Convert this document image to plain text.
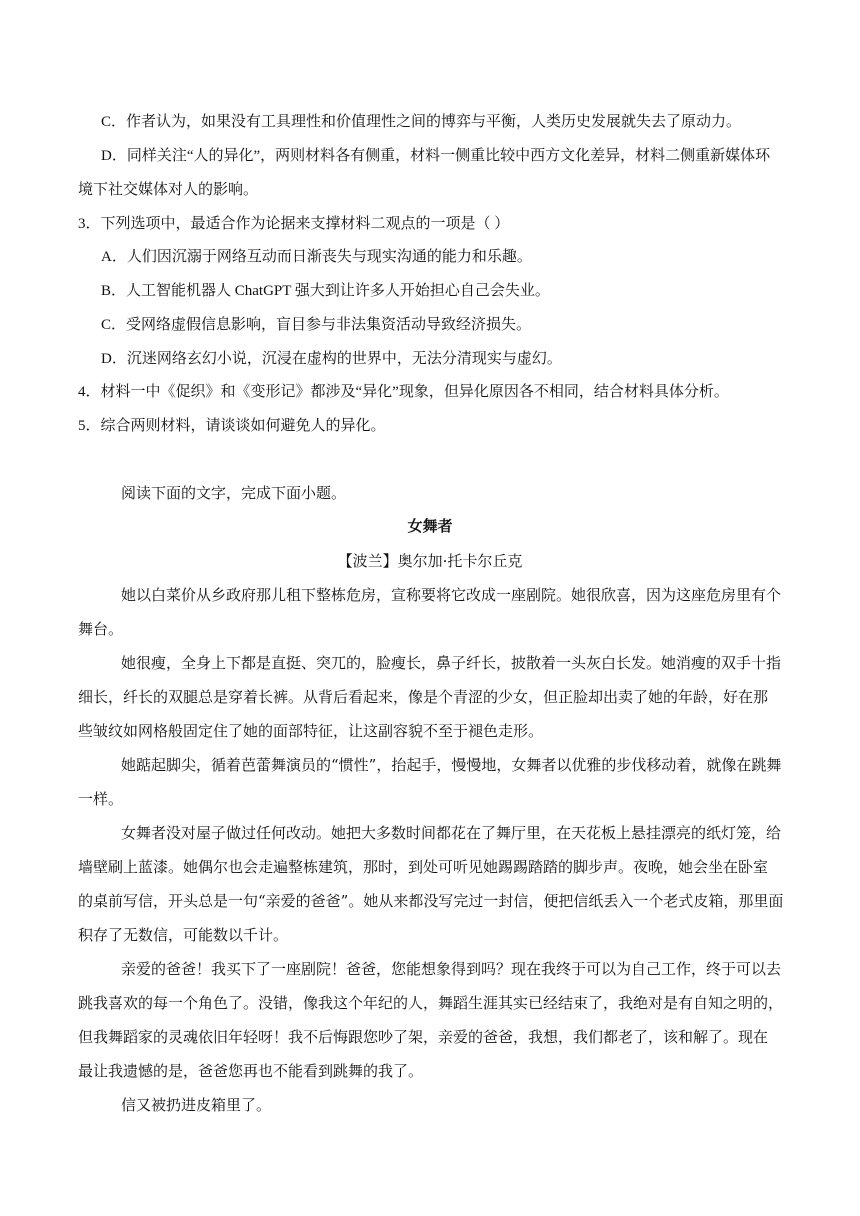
C．作者认为，如果没有工具理性和价值理性之间的博弈与平衡，人类历史发展就失去了原动力。
D．同样关注“人的异化”，两则材料各有侧重，材料一侧重比较中西方文化差异，材料二侧重新媒体环
境下社交媒体对人的影响。
3．下列选项中，最适合作为论据来支撑材料二观点的一项是（ ）
A．人们因沉溺于网络互动而日渐丧失与现实沟通的能力和乐趣。
B．人工智能机器人 ChatGPT 强大到让许多人开始担心自己会失业。
C．受网络虚假信息影响，盲目参与非法集资活动导致经济损失。
D．沉迷网络玄幻小说，沉浸在虚构的世界中，无法分清现实与虚幻。
4．材料一中《促织》和《变形记》都涉及“异化”现象，但异化原因各不相同，结合材料具体分析。
5．综合两则材料，请谈谈如何避免人的异化。
阅读下面的文字，完成下面小题。
女舞者
【波兰】奥尔加·托卡尔丘克
她以白菜价从乡政府那儿租下整栋危房，宣称要将它改成一座剧院。她很欣喜，因为这座危房里有个
舞台。
她很瘦，全身上下都是直挺、突兀的，脸瘦长，鼻子纤长，披散着一头灰白长发。她消瘦的双手十指
细长，纤长的双腿总是穿着长裤。从背后看起来，像是个青涩的少女，但正脸却出卖了她的年龄，好在那
些皱纹如网格般固定住了她的面部特征，让这副容貌不至于褪色走形。
她踮起脚尖，循着芭蕾舞演员的“惯性”，抬起手，慢慢地，女舞者以优雅的步伐移动着，就像在跳舞
一样。
女舞者没对屋子做过任何改动。她把大多数时间都花在了舞厅里，在天花板上悬挂漂亮的纸灯笼，给
墙壁刷上蓝漆。她偶尔也会走遍整栋建筑，那时，到处可听见她踢踢踏踏的脚步声。夜晚，她会坐在卧室
的桌前写信，开头总是一句“亲爱的爸爸”。她从来都没写完过一封信，便把信纸丢入一个老式皮箱，那里面
积存了无数信，可能数以千计。
亲爱的爸爸！我买下了一座剧院！爸爸，您能想象得到吗？现在我终于可以为自己工作，终于可以去
跳我喜欢的每一个角色了。没错，像我这个年纪的人，舞蹈生涯其实已经结束了，我绝对是有自知之明的，
但我舞蹈家的灵魂依旧年轻呀！我不后悔跟您吵了架，亲爱的爸爸，我想，我们都老了，该和解了。现在
最让我遗憾的是，爸爸您再也不能看到跳舞的我了。
信又被扔进皮箱里了。
